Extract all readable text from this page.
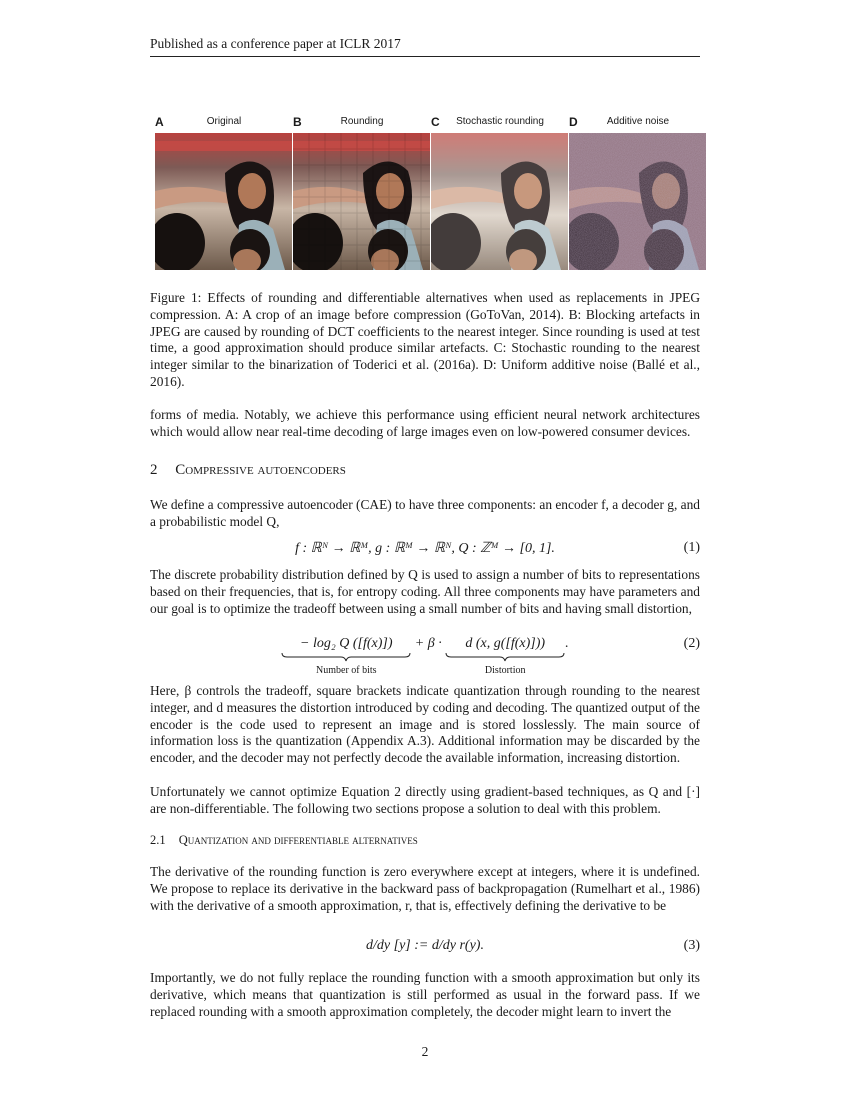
Published as a conference paper at ICLR 2017
A	Original	B	Rounding	C	Stochastic rounding	D	Additive noise
Figure 1: Effects of rounding and differentiable alternatives when used as replacements in JPEG compression. A: A crop of an image before compression (GoToVan, 2014). B: Blocking artefacts in JPEG are caused by rounding of DCT coefficients to the nearest integer. Since rounding is used at test time, a good approximation should produce similar artefacts. C: Stochastic rounding to the nearest integer similar to the binarization of Toderici et al. (2016a). D: Uniform additive noise (Ballé et al., 2016).
forms of media. Notably, we achieve this performance using efficient neural network architectures which would allow near real-time decoding of large images even on low-powered consumer devices.
2 Compressive autoencoders
We define a compressive autoencoder (CAE) to have three components: an encoder f, a decoder g, and a probabilistic model Q,
f : ℝᴺ → ℝᴹ, g : ℝᴹ → ℝᴺ, Q : ℤᴹ → [0, 1].	(1)
The discrete probability distribution defined by Q is used to assign a number of bits to representations based on their frequencies, that is, for entropy coding. All three components may have parameters and our goal is to optimize the tradeoff between using a small number of bits and having small distortion,
− log₂ Q ([f(x)])
Number of bits + β · d (x, g([f(x)]))
Distortion.	(2)
Here, β controls the tradeoff, square brackets indicate quantization through rounding to the nearest integer, and d measures the distortion introduced by coding and decoding. The quantized output of the encoder is the code used to represent an image and is stored losslessly. The main source of information loss is the quantization (Appendix A.3). Additional information may be discarded by the encoder, and the decoder may not perfectly decode the available information, increasing distortion.
Unfortunately we cannot optimize Equation 2 directly using gradient-based techniques, as Q and [·] are non-differentiable. The following two sections propose a solution to deal with this problem.
2.1 Quantization and differentiable alternatives
The derivative of the rounding function is zero everywhere except at integers, where it is undefined. We propose to replace its derivative in the backward pass of backpropagation (Rumelhart et al., 1986) with the derivative of a smooth approximation, r, that is, effectively defining the derivative to be
d/dy [y] := d/dy r(y).	(3)
Importantly, we do not fully replace the rounding function with a smooth approximation but only its derivative, which means that quantization is still performed as usual in the forward pass. If we replaced rounding with a smooth approximation completely, the decoder might learn to invert the
2
